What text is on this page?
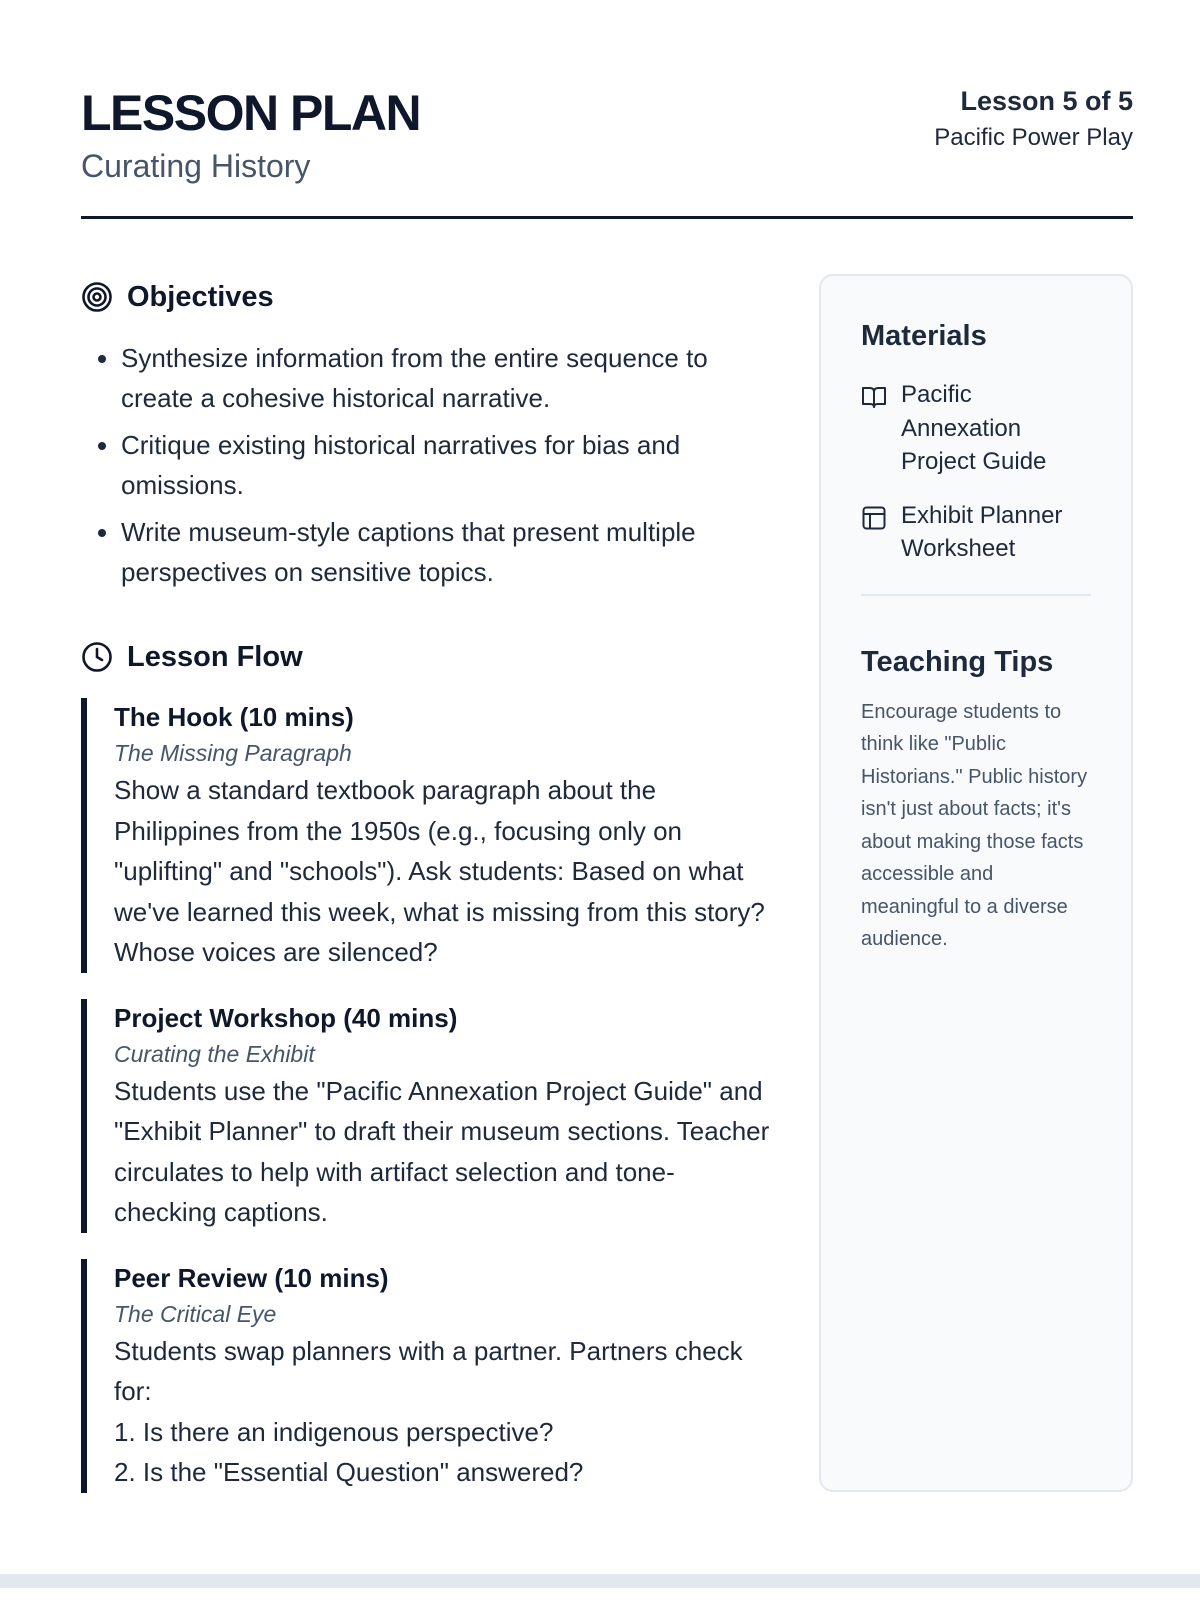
LESSON PLAN
Curating History
Lesson 5 of 5
Pacific Power Play
Objectives
• Synthesize information from the entire sequence to create a cohesive historical narrative.
• Critique existing historical narratives for bias and omissions.
• Write museum-style captions that present multiple perspectives on sensitive topics.
Lesson Flow
The Hook (10 mins)
The Missing Paragraph
Show a standard textbook paragraph about the Philippines from the 1950s (e.g., focusing only on "uplifting" and "schools"). Ask students: Based on what we've learned this week, what is missing from this story? Whose voices are silenced?
Project Workshop (40 mins)
Curating the Exhibit
Students use the "Pacific Annexation Project Guide" and "Exhibit Planner" to draft their museum sections. Teacher circulates to help with artifact selection and tone-checking captions.
Peer Review (10 mins)
The Critical Eye
Students swap planners with a partner. Partners check for:
1. Is there an indigenous perspective?
2. Is the "Essential Question" answered?
Materials
Pacific Annexation Project Guide
Exhibit Planner Worksheet
Teaching Tips
Encourage students to think like "Public Historians." Public history isn't just about facts; it's about making those facts accessible and meaningful to a diverse audience.
